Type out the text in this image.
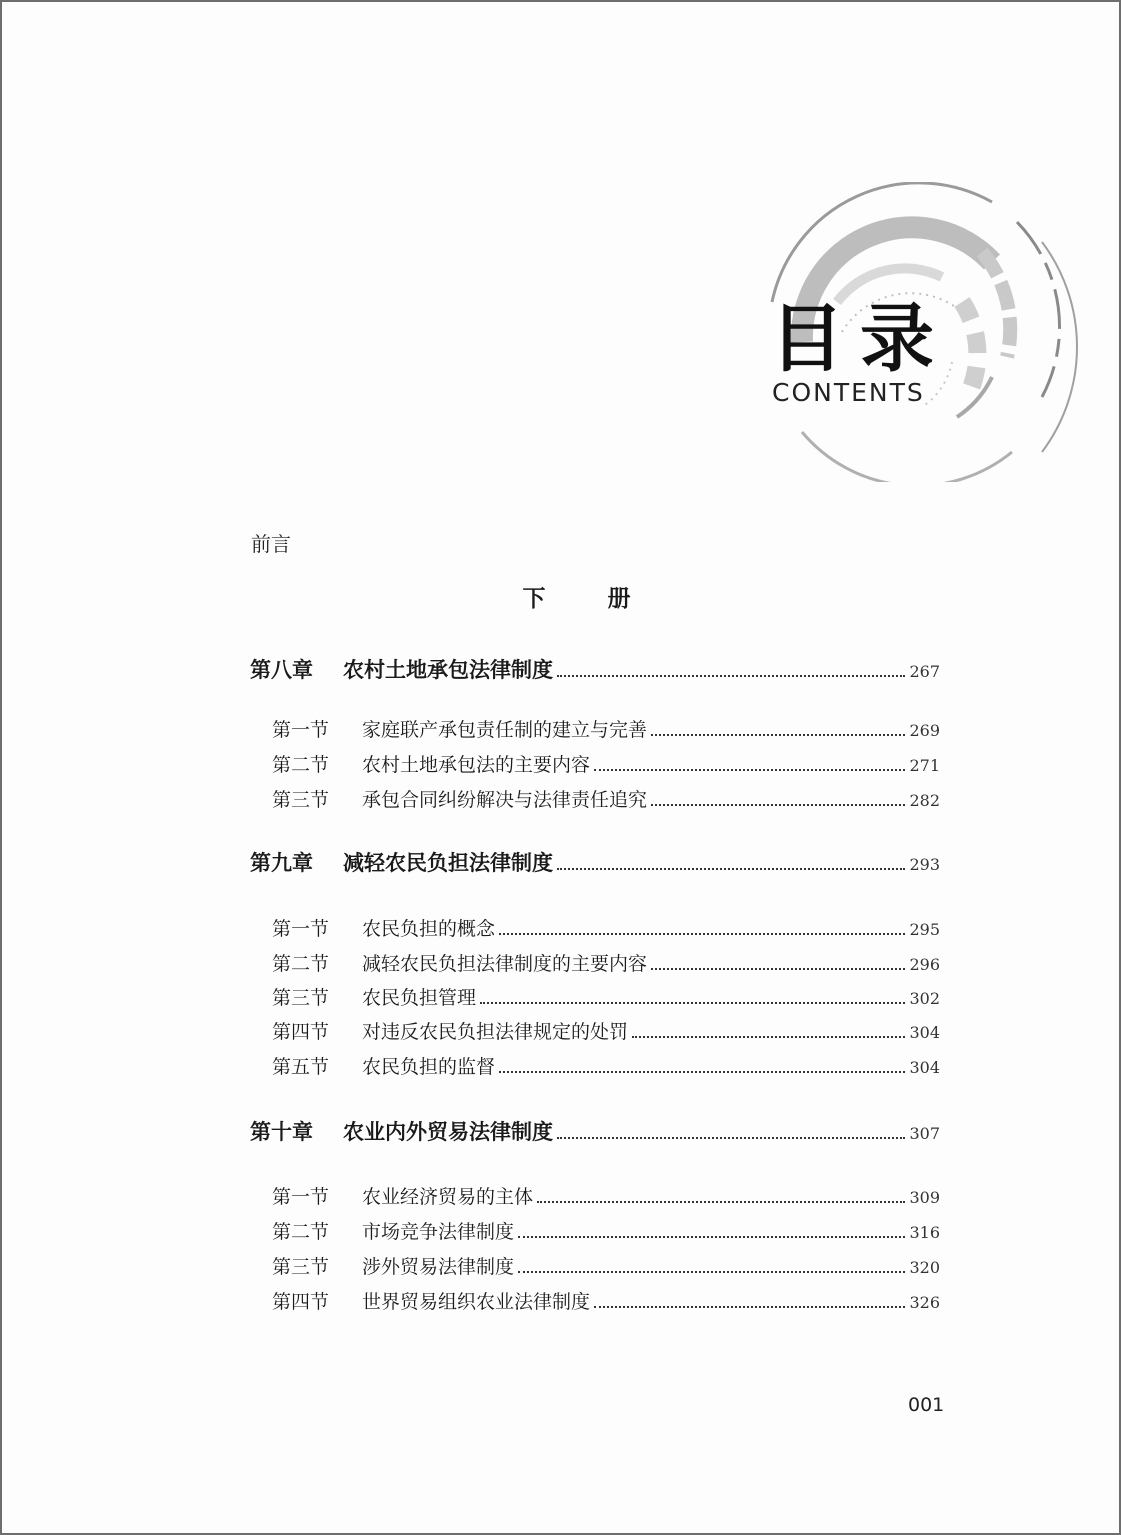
目录
CONTENTS
前言
下册
第八章	农村土地承包法律制度	267
第一节	家庭联产承包责任制的建立与完善	269
第二节	农村土地承包法的主要内容	271
第三节	承包合同纠纷解决与法律责任追究	282
第九章	减轻农民负担法律制度	293
第一节	农民负担的概念	295
第二节	减轻农民负担法律制度的主要内容	296
第三节	农民负担管理	302
第四节	对违反农民负担法律规定的处罚	304
第五节	农民负担的监督	304
第十章	农业内外贸易法律制度	307
第一节	农业经济贸易的主体	309
第二节	市场竞争法律制度	316
第三节	涉外贸易法律制度	320
第四节	世界贸易组织农业法律制度	326
001
